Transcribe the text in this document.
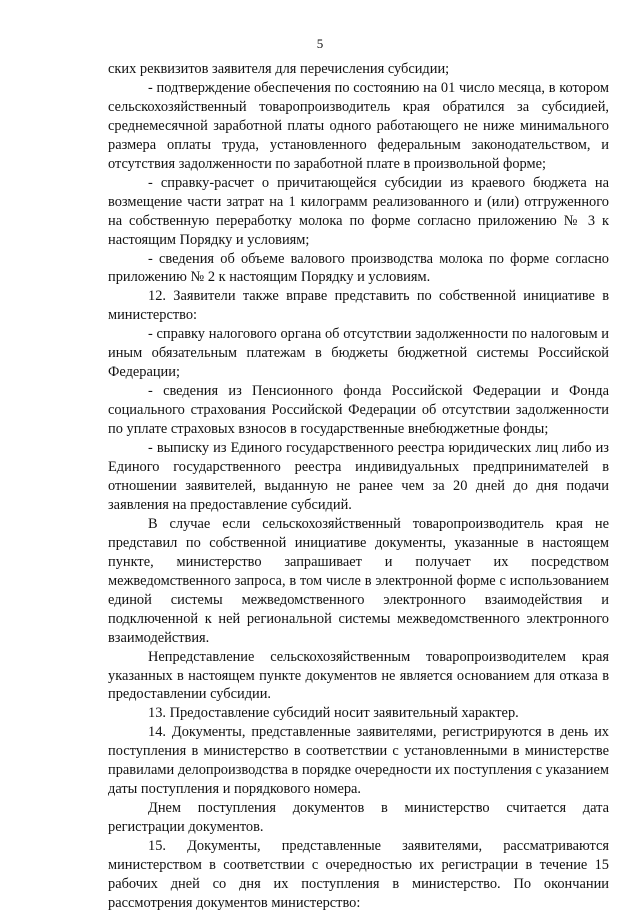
5

ских реквизитов заявителя для перечисления субсидии;

- подтверждение обеспечения по состоянию на 01 число месяца, в котором сельскохозяйственный товаропроизводитель края обратился за субсидией, среднемесячной заработной платы одного работающего не ниже минимального размера оплаты труда, установленного федеральным законодательством, и отсутствия задолженности по заработной плате в произвольной форме;

- справку-расчет о причитающейся субсидии из краевого бюджета на возмещение части затрат на 1 килограмм реализованного и (или) отгруженного на собственную переработку молока по форме согласно приложению № 3 к настоящим Порядку и условиям;

- сведения об объеме валового производства молока по форме согласно приложению № 2 к настоящим Порядку и условиям.

12. Заявители также вправе представить по собственной инициативе в министерство:

- справку налогового органа об отсутствии задолженности по налоговым и иным обязательным платежам в бюджеты бюджетной системы Российской Федерации;

- сведения из Пенсионного фонда Российской Федерации и Фонда социального страхования Российской Федерации об отсутствии задолженности по уплате страховых взносов в государственные внебюджетные фонды;

- выписку из Единого государственного реестра юридических лиц либо из Единого государственного реестра индивидуальных предпринимателей в отношении заявителей, выданную не ранее чем за 20 дней до дня подачи заявления на предоставление субсидий.

В случае если сельскохозяйственный товаропроизводитель края не представил по собственной инициативе документы, указанные в настоящем пункте, министерство запрашивает и получает их посредством межведомственного запроса, в том числе в электронной форме с использованием единой системы межведомственного электронного взаимодействия и подключенной к ней региональной системы межведомственного электронного взаимодействия.

Непредставление сельскохозяйственным товаропроизводителем края указанных в настоящем пункте документов не является основанием для отказа в предоставлении субсидии.

13. Предоставление субсидий носит заявительный характер.

14. Документы, представленные заявителями, регистрируются в день их поступления в министерство в соответствии с установленными в министерстве правилами делопроизводства в порядке очередности их поступления с указанием даты поступления и порядкового номера.

Днем поступления документов в министерство считается дата регистрации документов.

15. Документы, представленные заявителями, рассматриваются министерством в соответствии с очередностью их регистрации в течение 15 рабочих дней со дня их поступления в министерство. По окончании рассмотрения документов министерство:
